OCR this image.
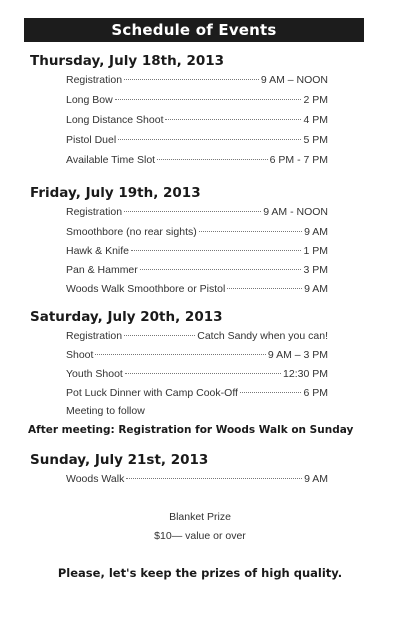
Schedule of Events
Thursday, July 18th, 2013
Registration	9 AM – NOON
Long Bow	2 PM
Long Distance Shoot	4 PM
Pistol Duel	5 PM
Available Time Slot	6 PM - 7 PM
Friday, July 19th, 2013
Registration	9 AM - NOON
Smoothbore (no rear sights)	9 AM
Hawk & Knife	1 PM
Pan & Hammer	3 PM
Woods Walk Smoothbore or Pistol	9 AM
Saturday, July 20th, 2013
Registration	Catch Sandy when you can!
Shoot	9 AM – 3 PM
Youth Shoot	12:30 PM
Pot Luck Dinner with Camp Cook-Off	6 PM
Meeting to follow
After meeting: Registration for Woods Walk on Sunday
Sunday, July 21st, 2013
Woods Walk	9 AM
Blanket Prize
$10— value or over
Please, let's keep the prizes of high quality.
